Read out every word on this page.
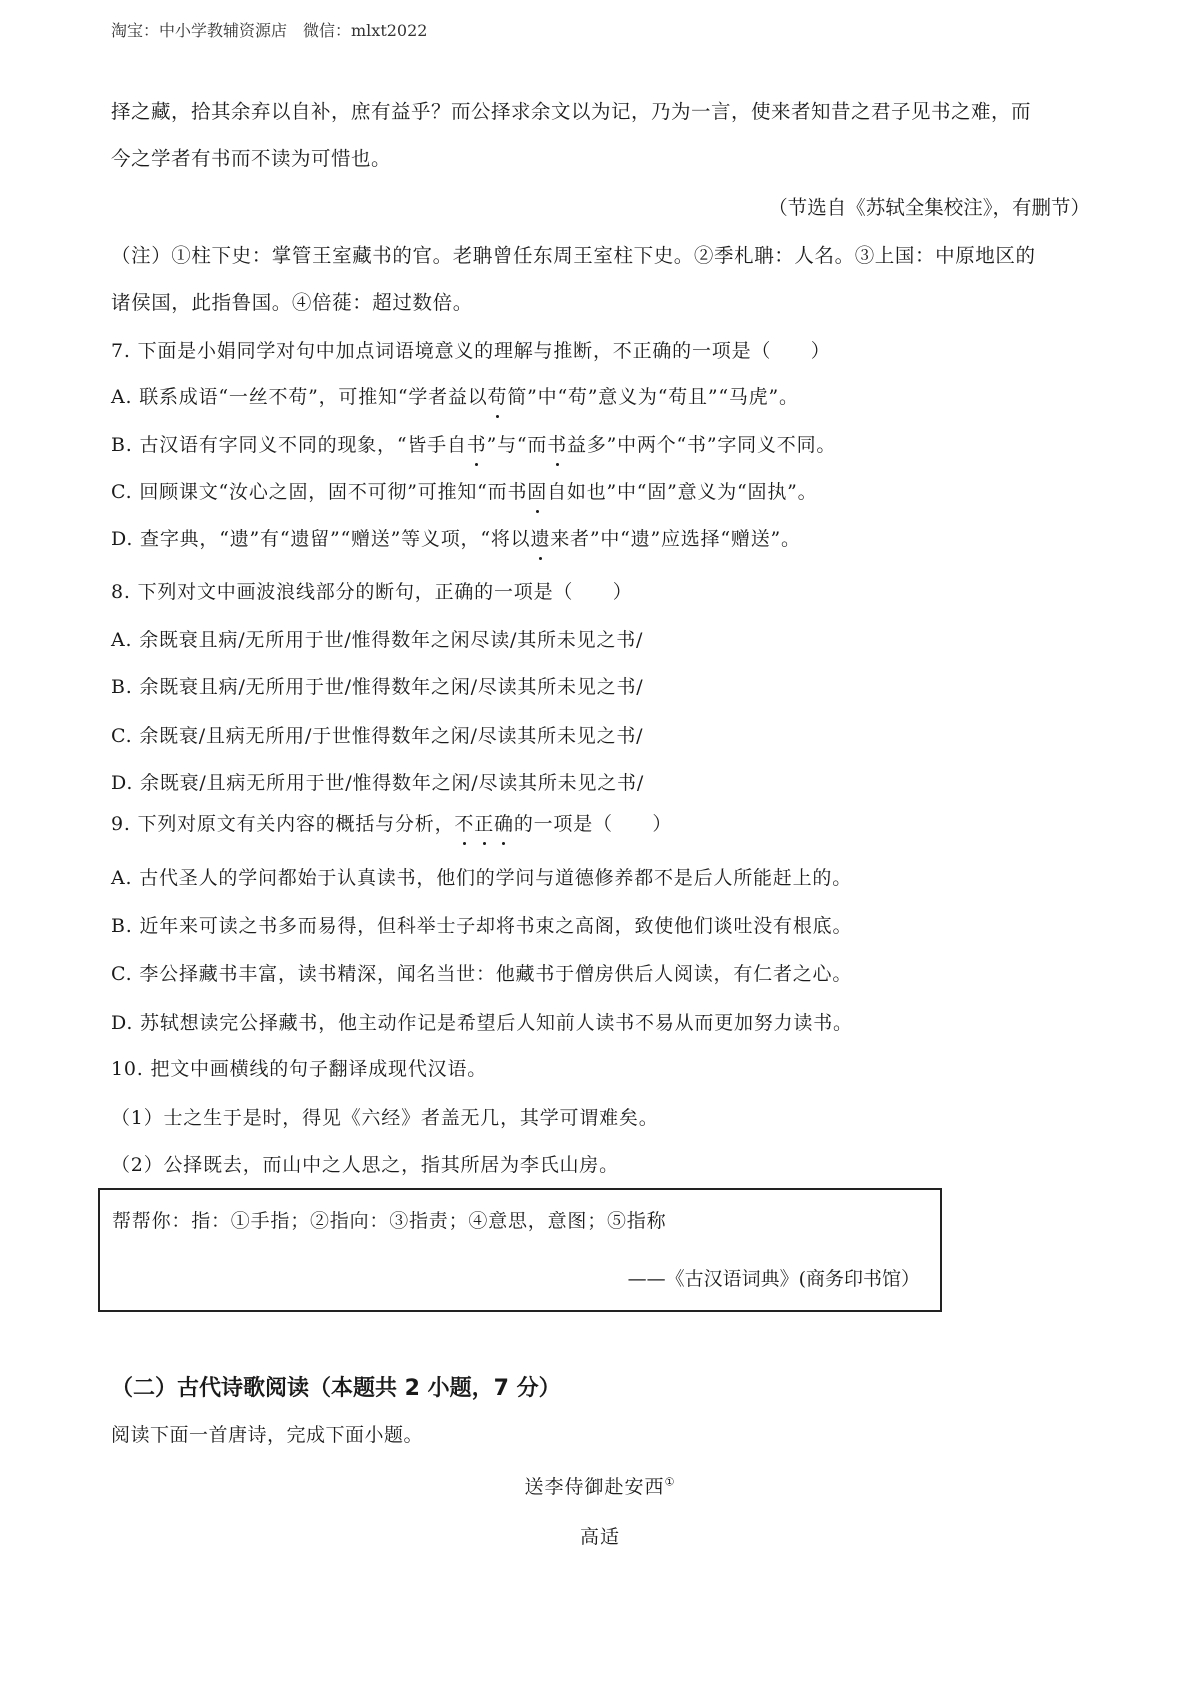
淘宝：中小学教辅资源店　微信：mlxt2022
择之藏，拾其余弃以自补，庶有益乎？而公择求余文以为记，乃为一言，使来者知昔之君子见书之难，而
今之学者有书而不读为可惜也。
（节选自《苏轼全集校注》，有删节）
（注）①柱下史：掌管王室藏书的官。老聃曾任东周王室柱下史。②季札聃：人名。③上国：中原地区的
诸侯国，此指鲁国。④倍蓰：超过数倍。
7. 下面是小娟同学对句中加点词语境意义的理解与推断，不正确的一项是（　　）
A. 联系成语“一丝不苟”，可推知“学者益以苟简”中“苟”意义为“苟且”“马虎”。
B. 古汉语有字同义不同的现象，“皆手自书”与“而书益多”中两个“书”字同义不同。
C. 回顾课文“汝心之固，固不可彻”可推知“而书固自如也”中“固”意义为“固执”。
D. 查字典，“遗”有“遗留”“赠送”等义项，“将以遗来者”中“遗”应选择“赠送”。
8. 下列对文中画波浪线部分的断句，正确的一项是（　　）
A. 余既衰且病/无所用于世/惟得数年之闲尽读/其所未见之书/
B. 余既衰且病/无所用于世/惟得数年之闲/尽读其所未见之书/
C. 余既衰/且病无所用/于世惟得数年之闲/尽读其所未见之书/
D. 余既衰/且病无所用于世/惟得数年之闲/尽读其所未见之书/
9. 下列对原文有关内容的概括与分析，不正确的一项是（　　）
A. 古代圣人的学问都始于认真读书，他们的学问与道德修养都不是后人所能赶上的。
B. 近年来可读之书多而易得，但科举士子却将书束之高阁，致使他们谈吐没有根底。
C. 李公择藏书丰富，读书精深，闻名当世：他藏书于僧房供后人阅读，有仁者之心。
D. 苏轼想读完公择藏书，他主动作记是希望后人知前人读书不易从而更加努力读书。
10. 把文中画横线的句子翻译成现代汉语。
（1）士之生于是时，得见《六经》者盖无几，其学可谓难矣。
（2）公择既去，而山中之人思之，指其所居为李氏山房。
帮帮你：指：①手指；②指向：③指责；④意思，意图；⑤指称
——《古汉语词典》(商务印书馆）
（二）古代诗歌阅读（本题共 2 小题，7 分）
阅读下面一首唐诗，完成下面小题。
送李侍御赴安西①
高适
